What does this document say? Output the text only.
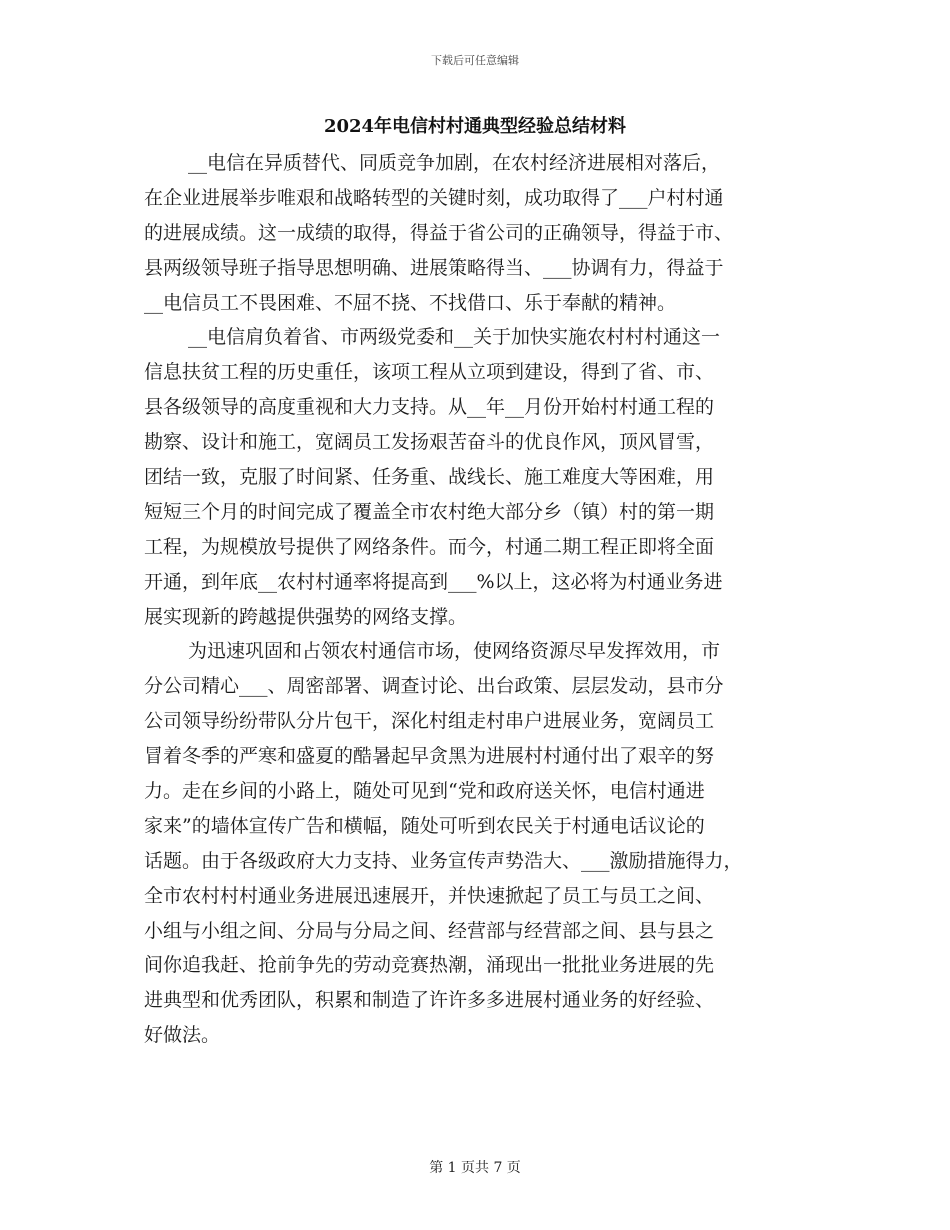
下载后可任意编辑
2024年电信村村通典型经验总结材料
__电信在异质替代、同质竞争加剧，在农村经济进展相对落后，
在企业进展举步唯艰和战略转型的关键时刻，成功取得了___户村村通
的进展成绩。这一成绩的取得，得益于省公司的正确领导，得益于市、
县两级领导班子指导思想明确、进展策略得当、___协调有力，得益于
__电信员工不畏困难、不屈不挠、不找借口、乐于奉献的精神。
__电信肩负着省、市两级党委和__关于加快实施农村村村通这一
信息扶贫工程的历史重任，该项工程从立项到建设，得到了省、市、
县各级领导的高度重视和大力支持。从__年__月份开始村村通工程的
勘察、设计和施工，宽阔员工发扬艰苦奋斗的优良作风，顶风冒雪，
团结一致，克服了时间紧、任务重、战线长、施工难度大等困难，用
短短三个月的时间完成了覆盖全市农村绝大部分乡（镇）村的第一期
工程，为规模放号提供了网络条件。而今，村通二期工程正即将全面
开通，到年底__农村村通率将提高到___%以上，这必将为村通业务进
展实现新的跨越提供强势的网络支撑。
为迅速巩固和占领农村通信市场，使网络资源尽早发挥效用，市
分公司精心___、周密部署、调查讨论、出台政策、层层发动，县市分
公司领导纷纷带队分片包干，深化村组走村串户进展业务，宽阔员工
冒着冬季的严寒和盛夏的酷暑起早贪黑为进展村村通付出了艰辛的努
力。走在乡间的小路上，随处可见到“党和政府送关怀，电信村通进
家来”的墙体宣传广告和横幅，随处可听到农民关于村通电话议论的
话题。由于各级政府大力支持、业务宣传声势浩大、___激励措施得力，
全市农村村村通业务进展迅速展开，并快速掀起了员工与员工之间、
小组与小组之间、分局与分局之间、经营部与经营部之间、县与县之
间你追我赶、抢前争先的劳动竞赛热潮，涌现出一批批业务进展的先
进典型和优秀团队，积累和制造了许许多多进展村通业务的好经验、
好做法。
第 1 页共 7 页
